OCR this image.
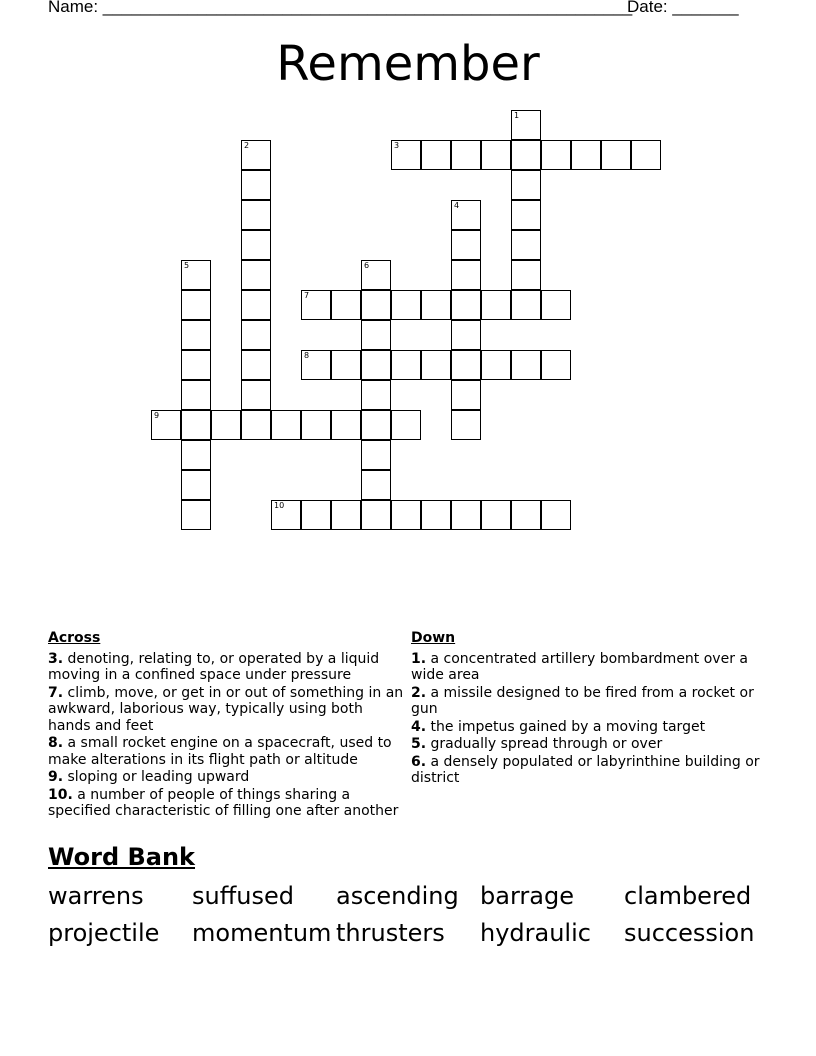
Name: ________________________________________________________
Date: _______
Remember
1
2	3
4
5	6
7
8
9
10
Across
3. denoting, relating to, or operated by a liquid moving in a confined space under pressure
7. climb, move, or get in or out of something in an awkward, laborious way, typically using both hands and feet
8. a small rocket engine on a spacecraft, used to make alterations in its flight path or altitude
9. sloping or leading upward
10. a number of people of things sharing a specified characteristic of filling one after another
Down
1. a concentrated artillery bombardment over a wide area
2. a missile designed to be fired from a rocket or gun
4. the impetus gained by a moving target
5. gradually spread through or over
6. a densely populated or labyrinthine building or district
Word Bank
warrens suffused ascending barrage clambered
projectile momentum thrusters hydraulic succession
